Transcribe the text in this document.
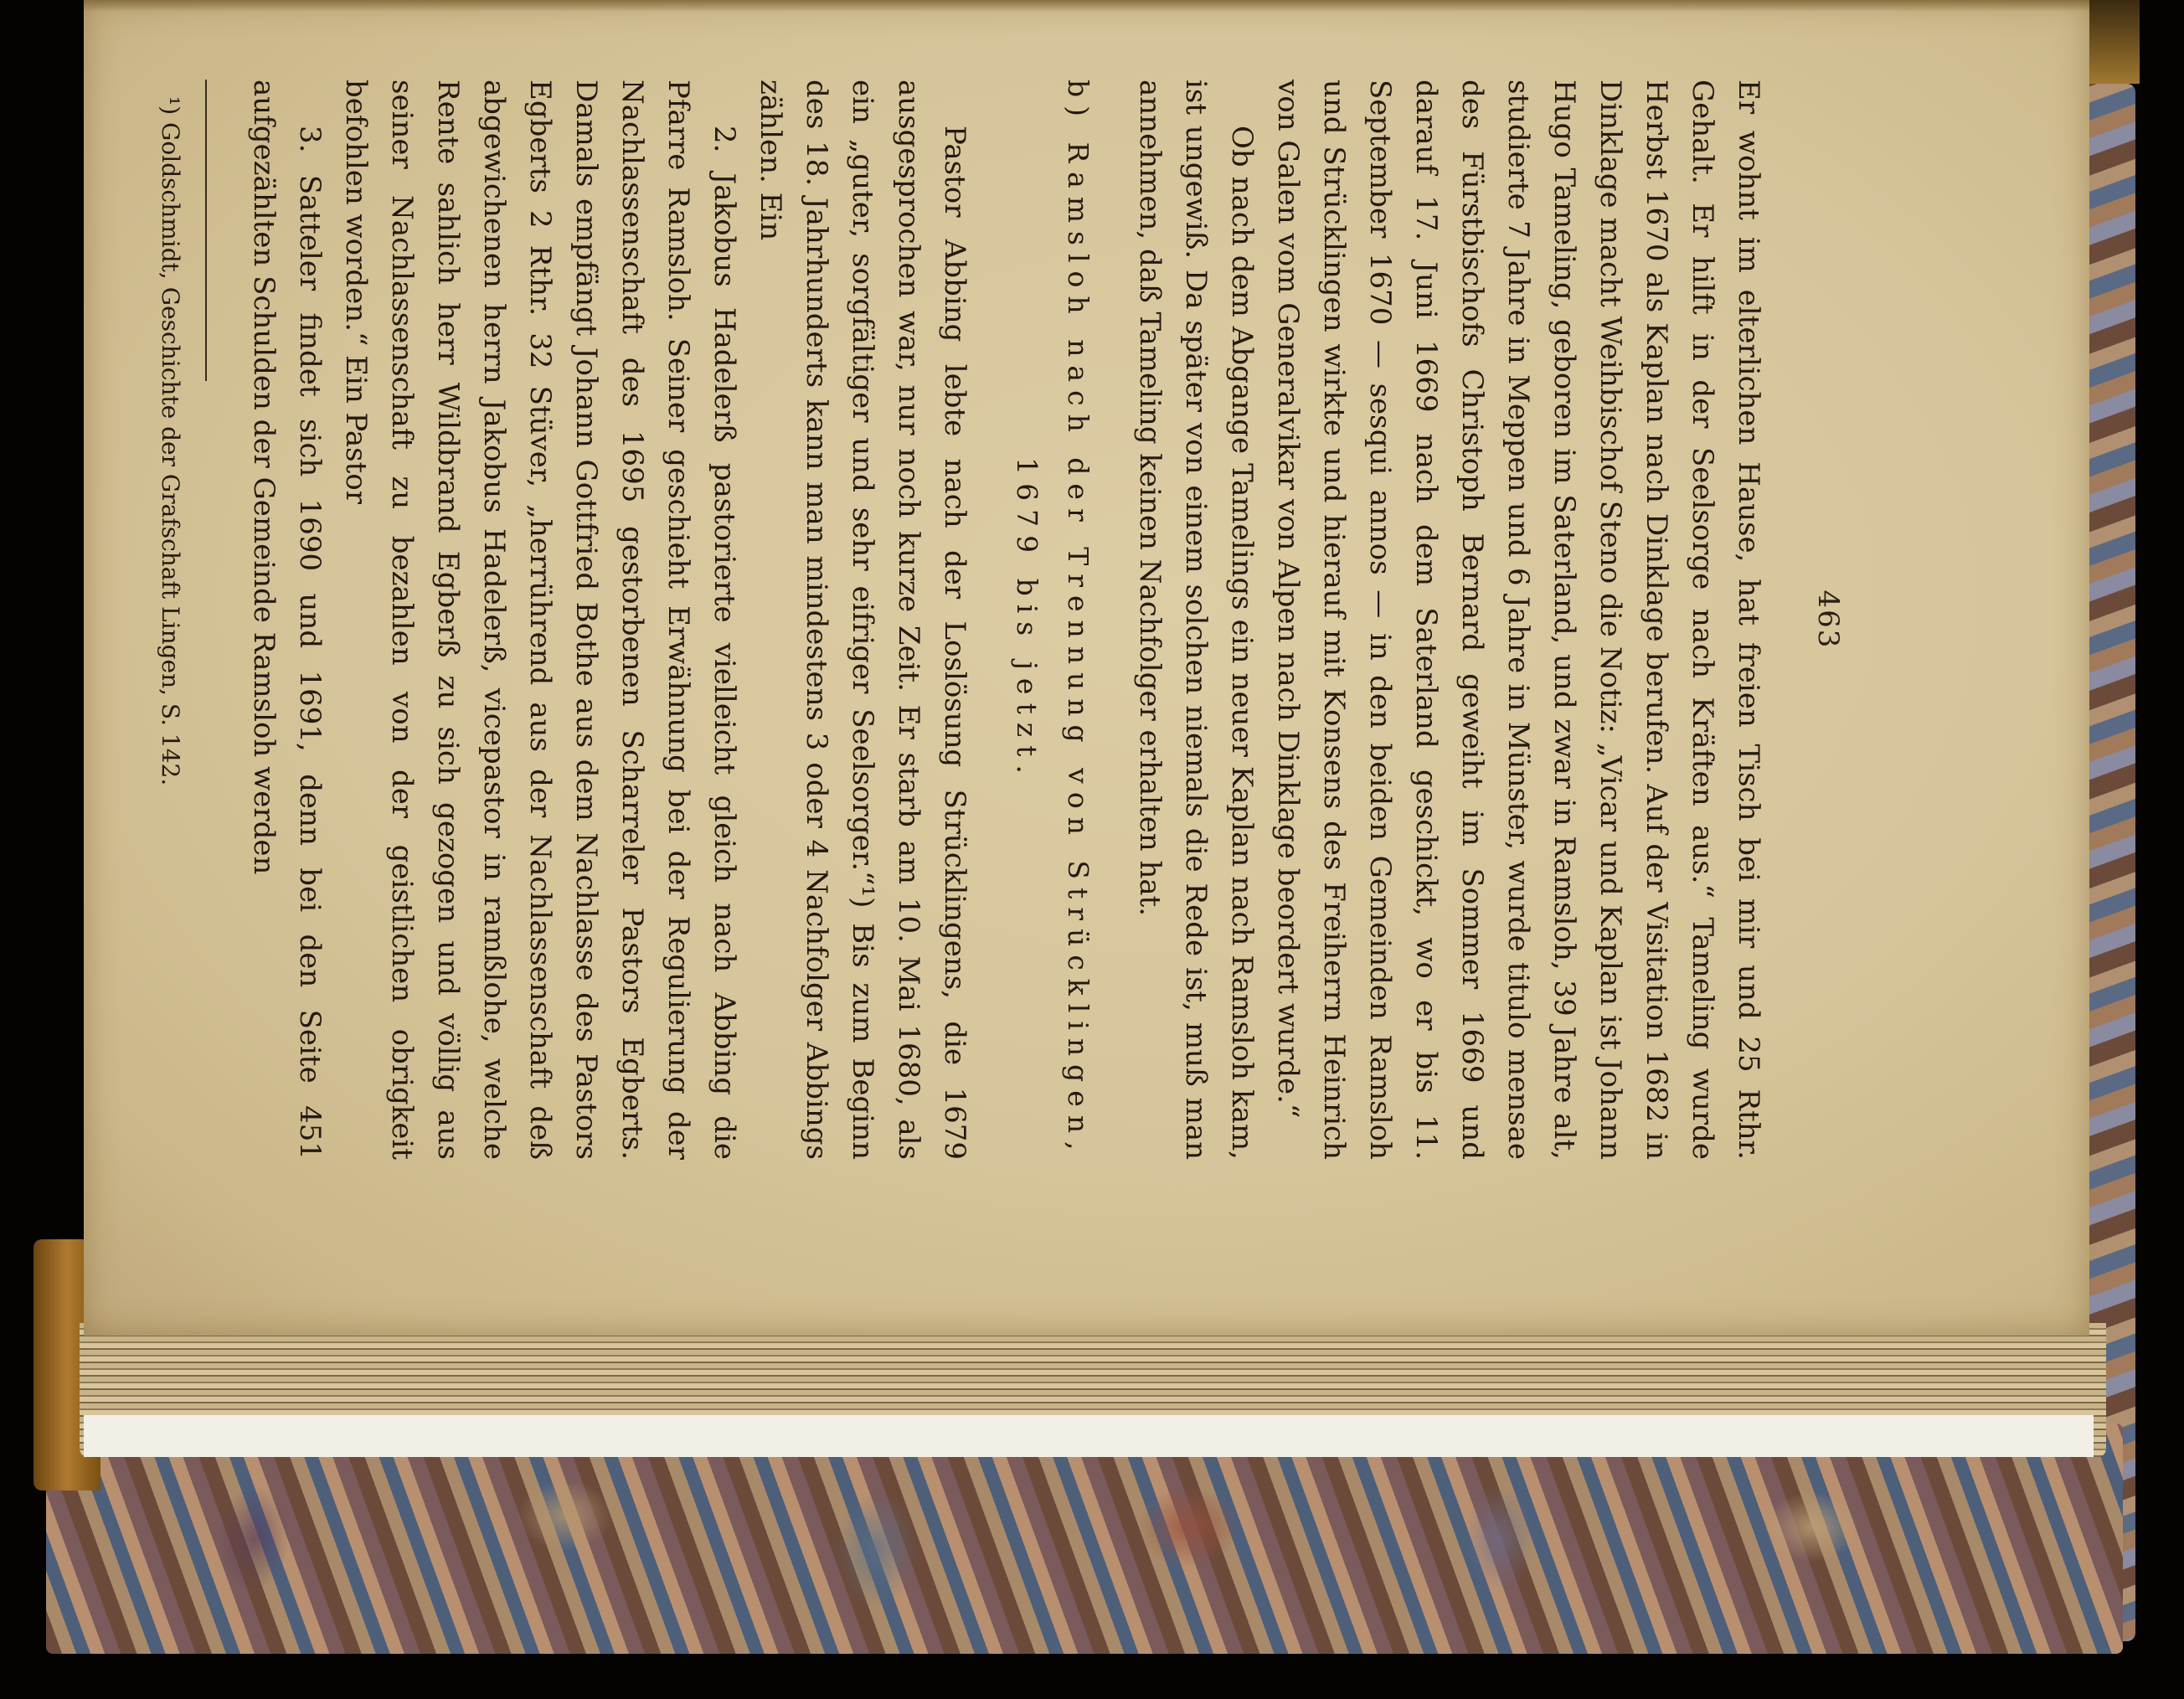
463

Er wohnt im elterlichen Hause, hat freien Tisch bei mir und 25 Rthr. Gehalt. Er hilft in der Seelsorge nach Kräften aus.“ Tameling wurde Herbst 1670 als Kaplan nach Dinklage berufen. Auf der Visitation 1682 in Dinklage macht Weihbischof Steno die Notiz: „Vicar und Kaplan ist Johann Hugo Tameling, geboren im Saterland, und zwar in Ramsloh, 39 Jahre alt, studierte 7 Jahre in Meppen und 6 Jahre in Münster, wurde titulo mensae des Fürstbischofs Christoph Bernard geweiht im Sommer 1669 und darauf 17. Juni 1669 nach dem Saterland geschickt, wo er bis 11. September 1670 — sesqui annos — in den beiden Gemeinden Ramsloh und Strücklingen wirkte und hierauf mit Konsens des Freiherrn Heinrich von Galen vom Generalvikar von Alpen nach Dinklage beordert wurde.“

Ob nach dem Abgange Tamelings ein neuer Kaplan nach Ramsloh kam, ist ungewiß. Da später von einem solchen niemals die Rede ist, muß man annehmen, daß Tameling keinen Nachfolger erhalten hat.

b) Ramsloh nach der Trennung von Strücklingen,
1679 bis jetzt.

Pastor Abbing lebte nach der Loslösung Strücklingens, die 1679 ausgesprochen war, nur noch kurze Zeit. Er starb am 10. Mai 1680, als ein „guter, sorgfältiger und sehr eifriger Seelsorger.“¹) Bis zum Beginn des 18. Jahrhunderts kann man mindestens 3 oder 4 Nachfolger Abbings zählen. Ein

2. Jakobus Hadelerß pastorierte vielleicht gleich nach Abbing die Pfarre Ramsloh. Seiner geschieht Erwähnung bei der Regulierung der Nachlassenschaft des 1695 gestorbenen Scharreler Pastors Egberts. Damals empfängt Johann Gottfried Bothe aus dem Nachlasse des Pastors Egberts 2 Rthr. 32 Stüver, „herrührend aus der Nachlassenschaft deß abgewichenen herrn Jakobus Hadelerß, vicepastor in ramßlohe, welche Rente sahlich herr Wildbrand Egberß zu sich gezogen und völlig aus seiner Nachlassenschaft zu bezahlen von der geistlichen obrigkeit befohlen worden.“ Ein Pastor

3. Satteler findet sich 1690 und 1691, denn bei den Seite 451 aufgezählten Schulden der Gemeinde Ramsloh werden

¹) Goldschmidt, Geschichte der Grafschaft Lingen, S. 142.
